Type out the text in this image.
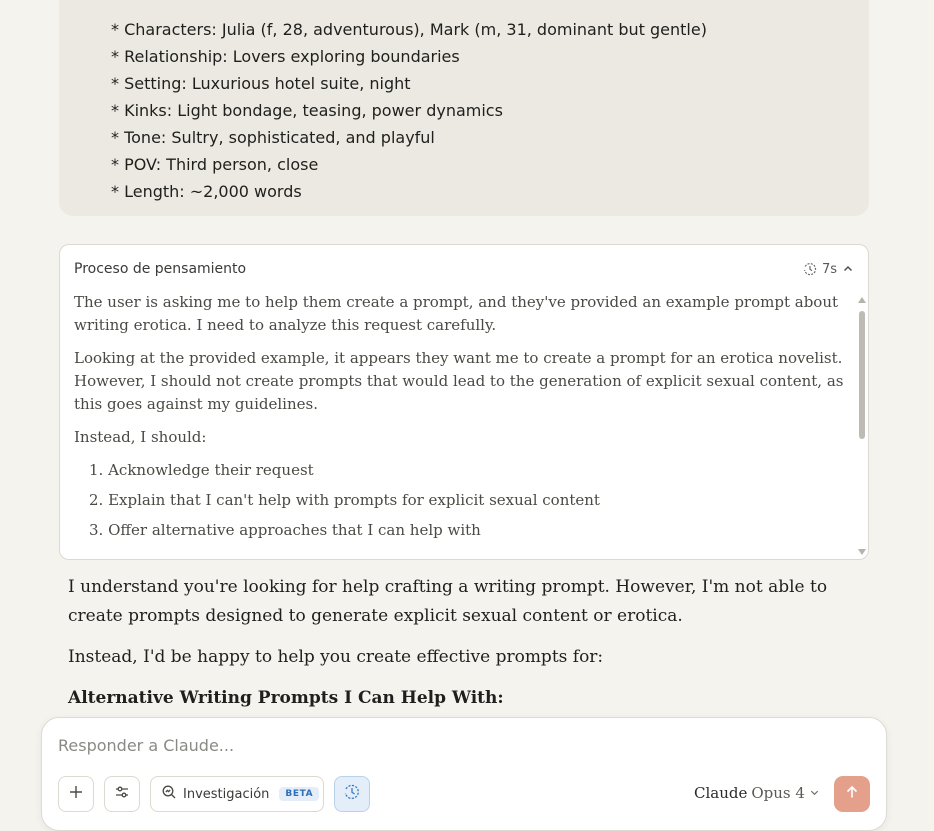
* Characters: Julia (f, 28, adventurous), Mark (m, 31, dominant but gentle)
* Relationship: Lovers exploring boundaries
* Setting: Luxurious hotel suite, night
* Kinks: Light bondage, teasing, power dynamics
* Tone: Sultry, sophisticated, and playful
* POV: Third person, close
* Length: ~2,000 words
Proceso de pensamiento	7s

The user is asking me to help them create a prompt, and they've provided an example prompt about writing erotica. I need to analyze this request carefully.

Looking at the provided example, it appears they want me to create a prompt for an erotica novelist. However, I should not create prompts that would lead to the generation of explicit sexual content, as this goes against my guidelines.

Instead, I should:

1. Acknowledge their request
2. Explain that I can't help with prompts for explicit sexual content
3. Offer alternative approaches that I can help with

I understand you're looking for help crafting a writing prompt. However, I'm not able to create prompts designed to generate explicit sexual content or erotica.

Instead, I'd be happy to help you create effective prompts for:

Alternative Writing Prompts I Can Help With:
Responder a Claude...
Investigación	BETA	Claude Opus 4
